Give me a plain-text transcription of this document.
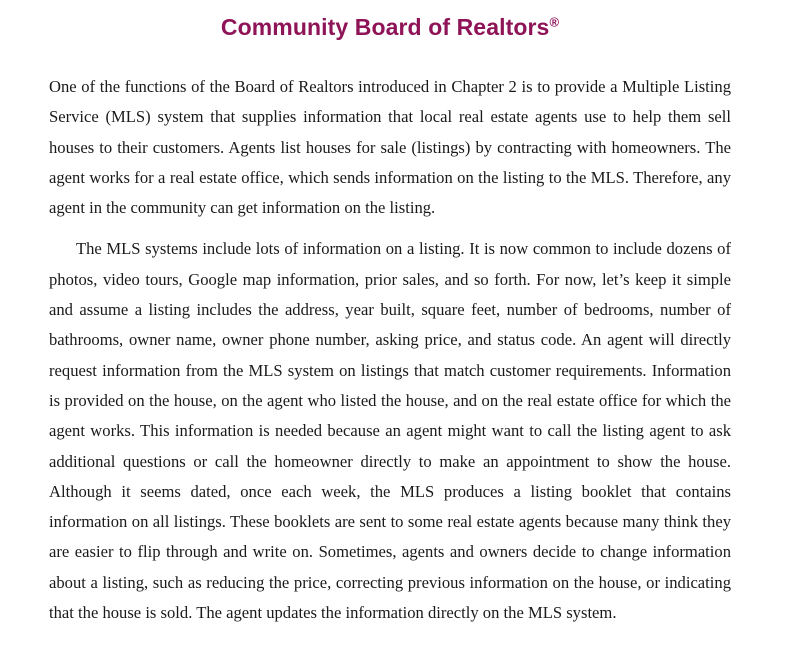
Community Board of Realtors®

One of the functions of the Board of Realtors introduced in Chapter 2 is to provide a Multiple Listing Service (MLS) system that supplies information that local real estate agents use to help them sell houses to their customers. Agents list houses for sale (listings) by contracting with homeowners. The agent works for a real estate office, which sends information on the listing to the MLS. Therefore, any agent in the community can get information on the listing.

The MLS systems include lots of information on a listing. It is now common to include dozens of photos, video tours, Google map information, prior sales, and so forth. For now, let’s keep it simple and assume a listing includes the address, year built, square feet, number of bedrooms, number of bathrooms, owner name, owner phone number, asking price, and status code. An agent will directly request information from the MLS system on listings that match customer requirements. Information is provided on the house, on the agent who listed the house, and on the real estate office for which the agent works. This information is needed because an agent might want to call the listing agent to ask additional questions or call the homeowner directly to make an appointment to show the house. Although it seems dated, once each week, the MLS produces a listing booklet that contains information on all listings. These booklets are sent to some real estate agents because many think they are easier to flip through and write on. Sometimes, agents and owners decide to change information about a listing, such as reducing the price, correcting previous information on the house, or indicating that the house is sold. The agent updates the information directly on the MLS system.
